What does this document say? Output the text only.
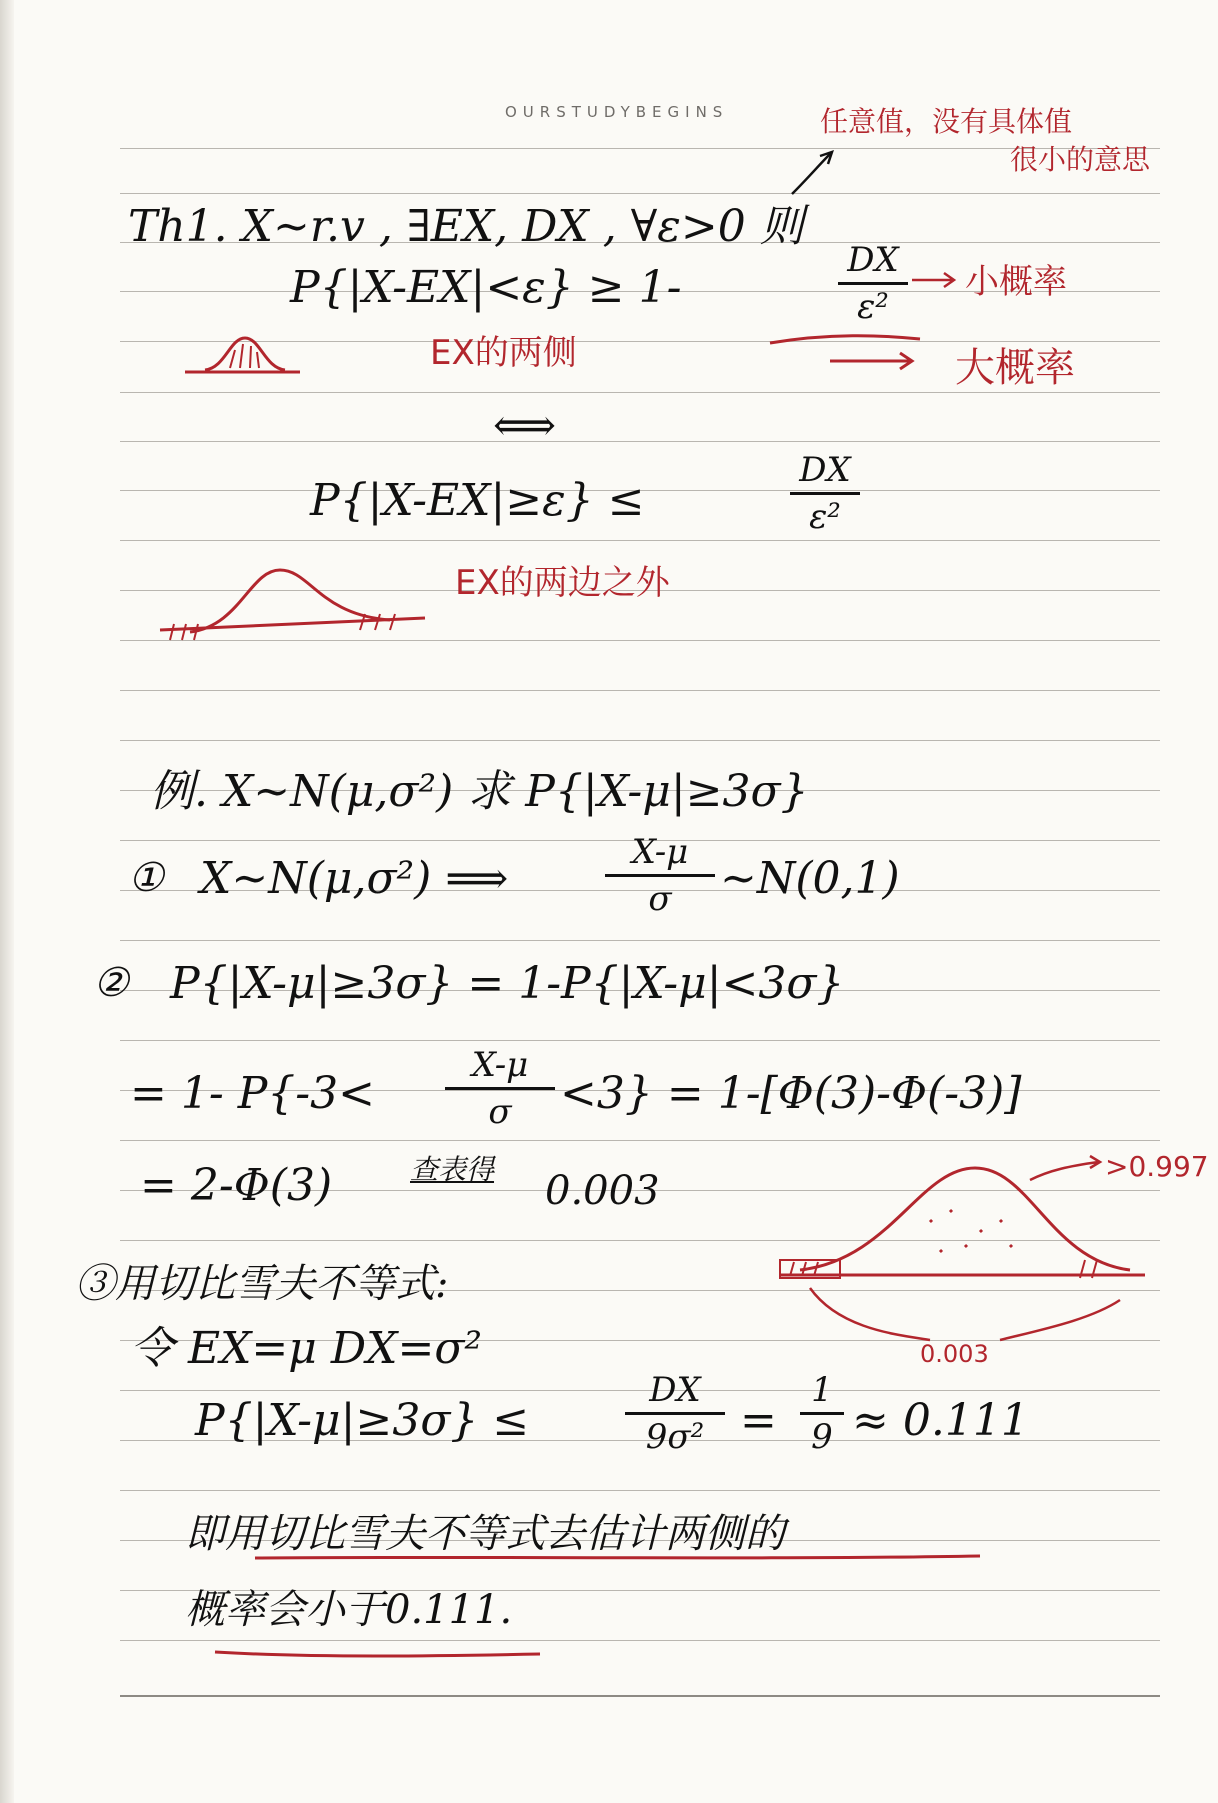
OURSTUDYBEGINS	任意值，没有具体值
很小的意思
Th1. X~r.v , ∃EX, DX , ∀ε>0 则
P{|X-EX|<ε} ≥ 1-
DX
ε²
小概率
大概率
EX的两侧
⟺
P{|X-EX|≥ε} ≤
DX
ε²
EX的两边之外
例. X~N(μ,σ²) 求 P{|X-μ|≥3σ}
① X~N(μ,σ²) ⟹
X-μ
σ	~N(0,1)
② P{|X-μ|≥3σ} = 1-P{|X-μ|<3σ}
= 1- P{-3<
X-μ
σ	<3} = 1-[Φ(3)-Φ(-3)]
= 2-Φ(3)	查表得 0.003
>0.997
0.003
③用切比雪夫不等式:
令 EX=μ DX=σ²
P{|X-μ|≥3σ} ≤
DX
9σ² =
1
9 ≈ 0.111
即用切比雪夫不等式去估计两侧的
概率会小于0.111.
